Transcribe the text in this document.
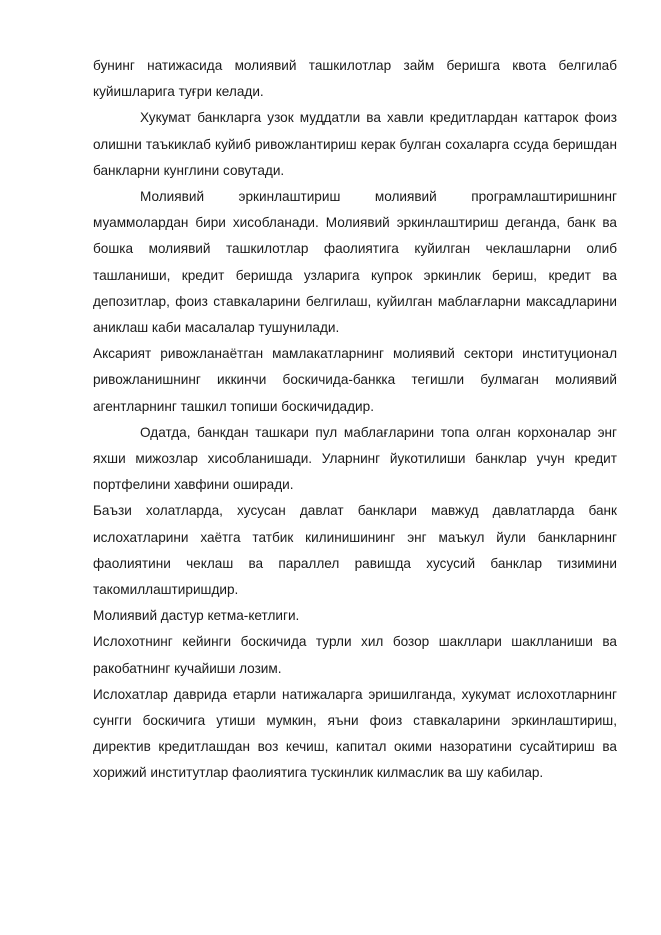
бунинг натижасида молиявий ташкилотлар займ беришга квота белгилаб куйишларига туғри келади.

Хукумат банкларга узок муддатли ва хавли кредитлардан каттарок фоиз олишни таъкиклаб куйиб ривожлантириш керак булган сохаларга ссуда беришдан банкларни кунглини совутади.

Молиявий эркинлаштириш молиявий програмлаштиришнинг муаммолардан бири хисобланади. Молиявий эркинлаштириш деганда, банк ва бошка молиявий ташкилотлар фаолиятига куйилган чеклашларни олиб ташланиши, кредит беришда узларига купрок эркинлик бериш, кредит ва депозитлар, фоиз ставкаларини белгилаш, куйилган маблағларни максадларини аниклаш каби масалалар тушунилади.

Аксарият ривожланаётган мамлакатларнинг молиявий сектори институционал ривожланишнинг иккинчи боскичида-банкка тегишли булмаган молиявий агентларнинг ташкил топиши боскичидадир.

Одатда, банкдан ташкари пул маблағларини топа олган корхоналар энг яхши мижозлар хисобланишади. Уларнинг йукотилиши банклар учун кредит портфелини хавфини оширади.

Баъзи холатларда, хусусан давлат банклари мавжуд давлатларда банк ислохатларини хаётга татбик килинишининг энг маъкул йули банкларнинг фаолиятини чеклаш ва параллел равишда хусусий банклар тизимини такомиллаштиришдир.

Молиявий дастур кетма-кетлиги.

Ислохотнинг кейинги боскичида турли хил бозор шакллари шаклланиши ва ракобатнинг кучайиши лозим.

Ислохатлар даврида етарли натижаларга эришилганда, хукумат ислохотларнинг сунгги боскичига утиши мумкин, яъни фоиз ставкаларини эркинлаштириш, директив кредитлашдан воз кечиш, капитал окими назоратини сусайтириш ва хорижий институтлар фаолиятига тускинлик килмаслик ва шу кабилар.
